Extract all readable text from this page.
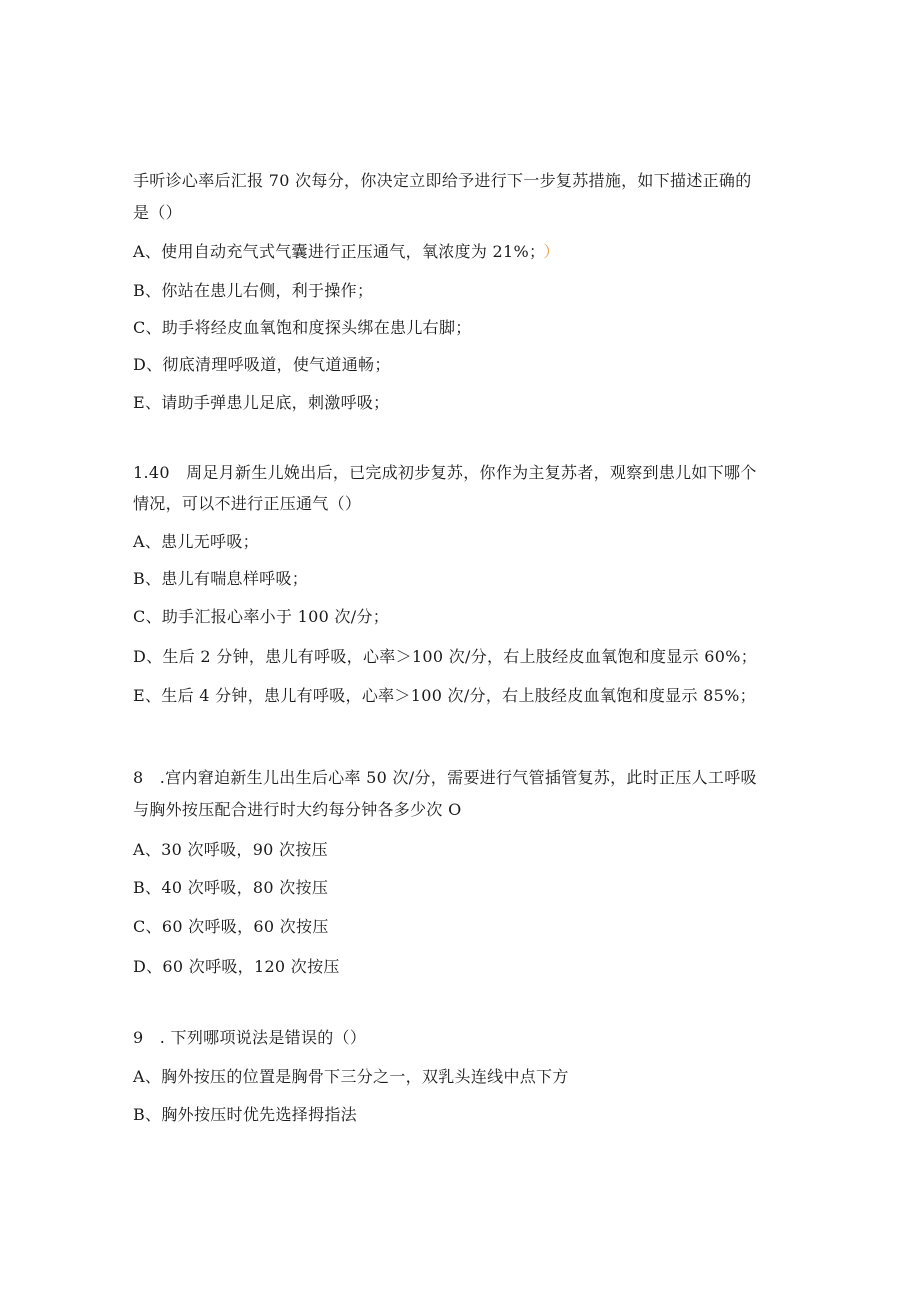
手听诊心率后汇报 70 次每分，你决定立即给予进行下一步复苏措施，如下描述正确的
是（）
A、使用自动充气式气囊进行正压通气，氧浓度为 21%； ）
B、你站在患儿右侧，利于操作；
C、助手将经皮血氧饱和度探头绑在患儿右脚；
D、彻底清理呼吸道，使气道通畅；
E、请助手弹患儿足底，刺激呼吸；
1.40　周足月新生儿娩出后，已完成初步复苏，你作为主复苏者，观察到患儿如下哪个
情况，可以不进行正压通气（）
A、患儿无呼吸；
B、患儿有喘息样呼吸；
C、助手汇报心率小于 100 次/分；
D、生后 2 分钟，患儿有呼吸，心率＞100 次/分，右上肢经皮血氧饱和度显示 60%；
E、生后 4 分钟，患儿有呼吸，心率＞100 次/分，右上肢经皮血氧饱和度显示 85%；
8　.宫内窘迫新生儿出生后心率 50 次/分，需要进行气管插管复苏，此时正压人工呼吸
与胸外按压配合进行时大约每分钟各多少次 O
A、30 次呼吸，90 次按压
B、40 次呼吸，80 次按压
C、60 次呼吸，60 次按压
D、60 次呼吸，120 次按压
9　. 下列哪项说法是错误的（）
A、胸外按压的位置是胸骨下三分之一，双乳头连线中点下方
B、胸外按压时优先选择拇指法
